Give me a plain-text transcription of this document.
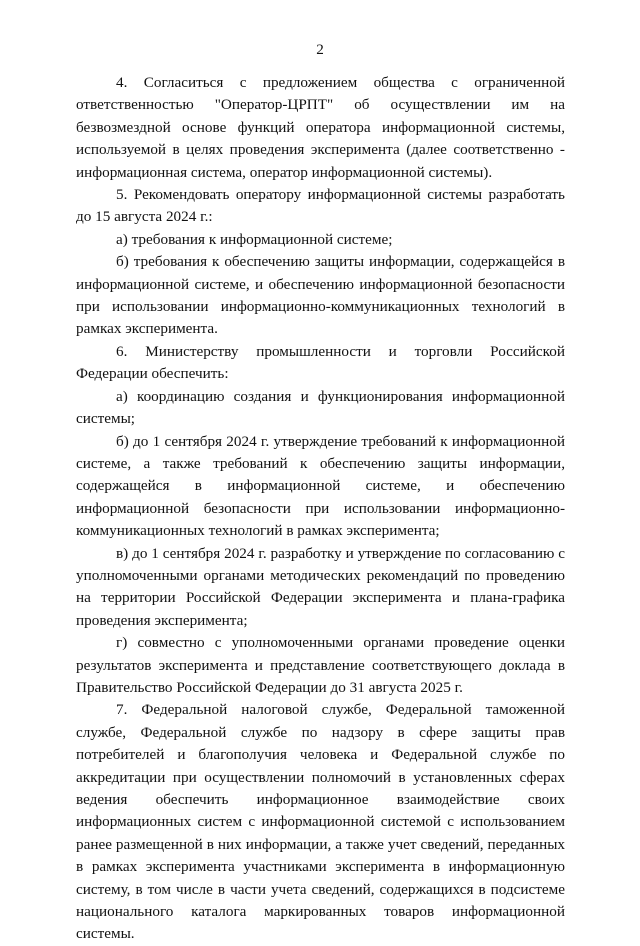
2

4. Согласиться с предложением общества с ограниченной ответственностью "Оператор-ЦРПТ" об осуществлении им на безвозмездной основе функций оператора информационной системы, используемой в целях проведения эксперимента (далее соответственно - информационная система, оператор информационной системы).

5. Рекомендовать оператору информационной системы разработать до 15 августа 2024 г.:

а) требования к информационной системе;

б) требования к обеспечению защиты информации, содержащейся в информационной системе, и обеспечению информационной безопасности при использовании информационно-коммуникационных технологий в рамках эксперимента.

6. Министерству промышленности и торговли Российской Федерации обеспечить:

а) координацию создания и функционирования информационной системы;

б) до 1 сентября 2024 г. утверждение требований к информационной системе, а также требований к обеспечению защиты информации, содержащейся в информационной системе, и обеспечению информационной безопасности при использовании информационно-коммуникационных технологий в рамках эксперимента;

в) до 1 сентября 2024 г. разработку и утверждение по согласованию с уполномоченными органами методических рекомендаций по проведению на территории Российской Федерации эксперимента и плана-графика проведения эксперимента;

г) совместно с уполномоченными органами проведение оценки результатов эксперимента и представление соответствующего доклада в Правительство Российской Федерации до 31 августа 2025 г.

7. Федеральной налоговой службе, Федеральной таможенной службе, Федеральной службе по надзору в сфере защиты прав потребителей и благополучия человека и Федеральной службе по аккредитации при осуществлении полномочий в установленных сферах ведения обеспечить информационное взаимодействие своих информационных систем с информационной системой с использованием ранее размещенной в них информации, а также учет сведений, переданных в рамках эксперимента участниками эксперимента в информационную систему, в том числе в части учета сведений, содержащихся в подсистеме национального каталога маркированных товаров информационной системы.
